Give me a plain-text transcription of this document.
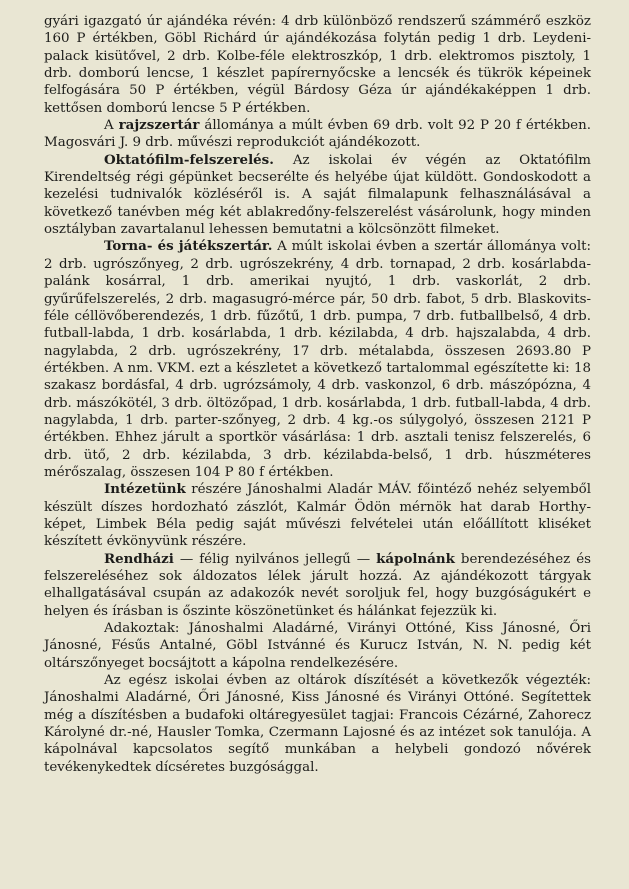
gyári igazgató úr ajándéka révén: 4 drb különböző rendszerű számmérő eszköz 160 P értékben, Göbl Richárd úr ajándékozása folytán pedig 1 drb. Leydeni-palack kisütővel, 2 drb. Kolbe-féle elektroszkóp, 1 drb. elektromos pisztoly, 1 drb. domború lencse, 1 készlet papírernyőcske a lencsék és tükrök képeinek felfogására 50 P értékben, végül Bárdosy Géza úr ajándékaképpen 1 drb. kettősen domború lencse 5 P értékben.

A rajzszertár állománya a múlt évben 69 drb. volt 92 P 20 f értékben. Magosvári J. 9 drb. művészi reprodukciót ajándékozott.

Oktatófilm-felszerelés. Az iskolai év végén az Oktatófilm Kirendeltség régi gépünket becserélte és helyébe újat küldött. Gondoskodott a kezelési tudnivalók közléséről is. A saját filmalapunk felhasználásával a következő tanévben még két ablakredőny-felszerelést vásárolunk, hogy minden osztályban zavartalanul lehessen bemutatni a kölcsönzött filmeket.

Torna- és játékszertár. A múlt iskolai évben a szertár állománya volt: 2 drb. ugrószőnyeg, 2 drb. ugrószekrény, 4 drb. tornapad, 2 drb. kosárlabda-palánk kosárral, 1 drb. amerikai nyujtó, 1 drb. vaskorlát, 2 drb. gyűrűfelszerelés, 2 drb. magasugró-mérce pár, 50 drb. fabot, 5 drb. Blaskovits-féle céllövőberendezés, 1 drb. fűzőtű, 1 drb. pumpa, 7 drb. futballbelső, 4 drb. futball-labda, 1 drb. kosárlabda, 1 drb. kézilabda, 4 drb. hajszalabda, 4 drb. nagylabda, 2 drb. ugrószekrény, 17 drb. métalabda, összesen 2693.80 P értékben. A nm. VKM. ezt a készletet a következő tartalommal egészítette ki: 18 szakasz bordásfal, 4 drb. ugrózsámoly, 4 drb. vaskonzol, 6 drb. mászópózna, 4 drb. mászókötél, 3 drb. öltözőpad, 1 drb. kosárlabda, 1 drb. futball-labda, 4 drb. nagylabda, 1 drb. parter-szőnyeg, 2 drb. 4 kg.-os súlygolyó, összesen 2121 P értékben. Ehhez járult a sportkör vásárlása: 1 drb. asztali tenisz felszerelés, 6 drb. ütő, 2 drb. kézilabda, 3 drb. kézilabda-belső, 1 drb. húszméteres mérőszalag, összesen 104 P 80 f értékben.

Intézetünk részére Jánoshalmi Aladár MÁV. főintéző nehéz selyemből készült díszes hordozható zászlót, Kalmár Ödön mérnök hat darab Horthy-képet, Limbek Béla pedig saját művészi felvételei után előállított kliséket készített évkönyvünk részére.

Rendházi — félig nyilvános jellegű — kápolnánk berendezéséhez és felszereléséhez sok áldozatos lélek járult hozzá. Az ajándékozott tárgyak elhallgatásával csupán az adakozók nevét soroljuk fel, hogy buzgóságukért e helyen és írásban is őszinte köszönetünket és hálánkat fejezzük ki.

Adakoztak: Jánoshalmi Aladárné, Virányi Ottóné, Kiss Jánosné, Őri Jánosné, Fésűs Antalné, Göbl Istvánné és Kurucz István, N. N. pedig két oltárszőnyeget bocsájtott a kápolna rendelkezésére.

Az egész iskolai évben az oltárok díszítését a következők végezték: Jánoshalmi Aladárné, Őri Jánosné, Kiss Jánosné és Virányi Ottóné. Segítettek még a díszítésben a budafoki oltáregyesület tagjai: Francois Cézárné, Zahorecz Károlyné dr.-né, Hausler Tomka, Czermann Lajosné és az intézet sok tanulója. A kápolnával kapcsolatos segítő munkában a helybeli gondozó nővérek tevékenykedtek dícséretes buzgósággal.
